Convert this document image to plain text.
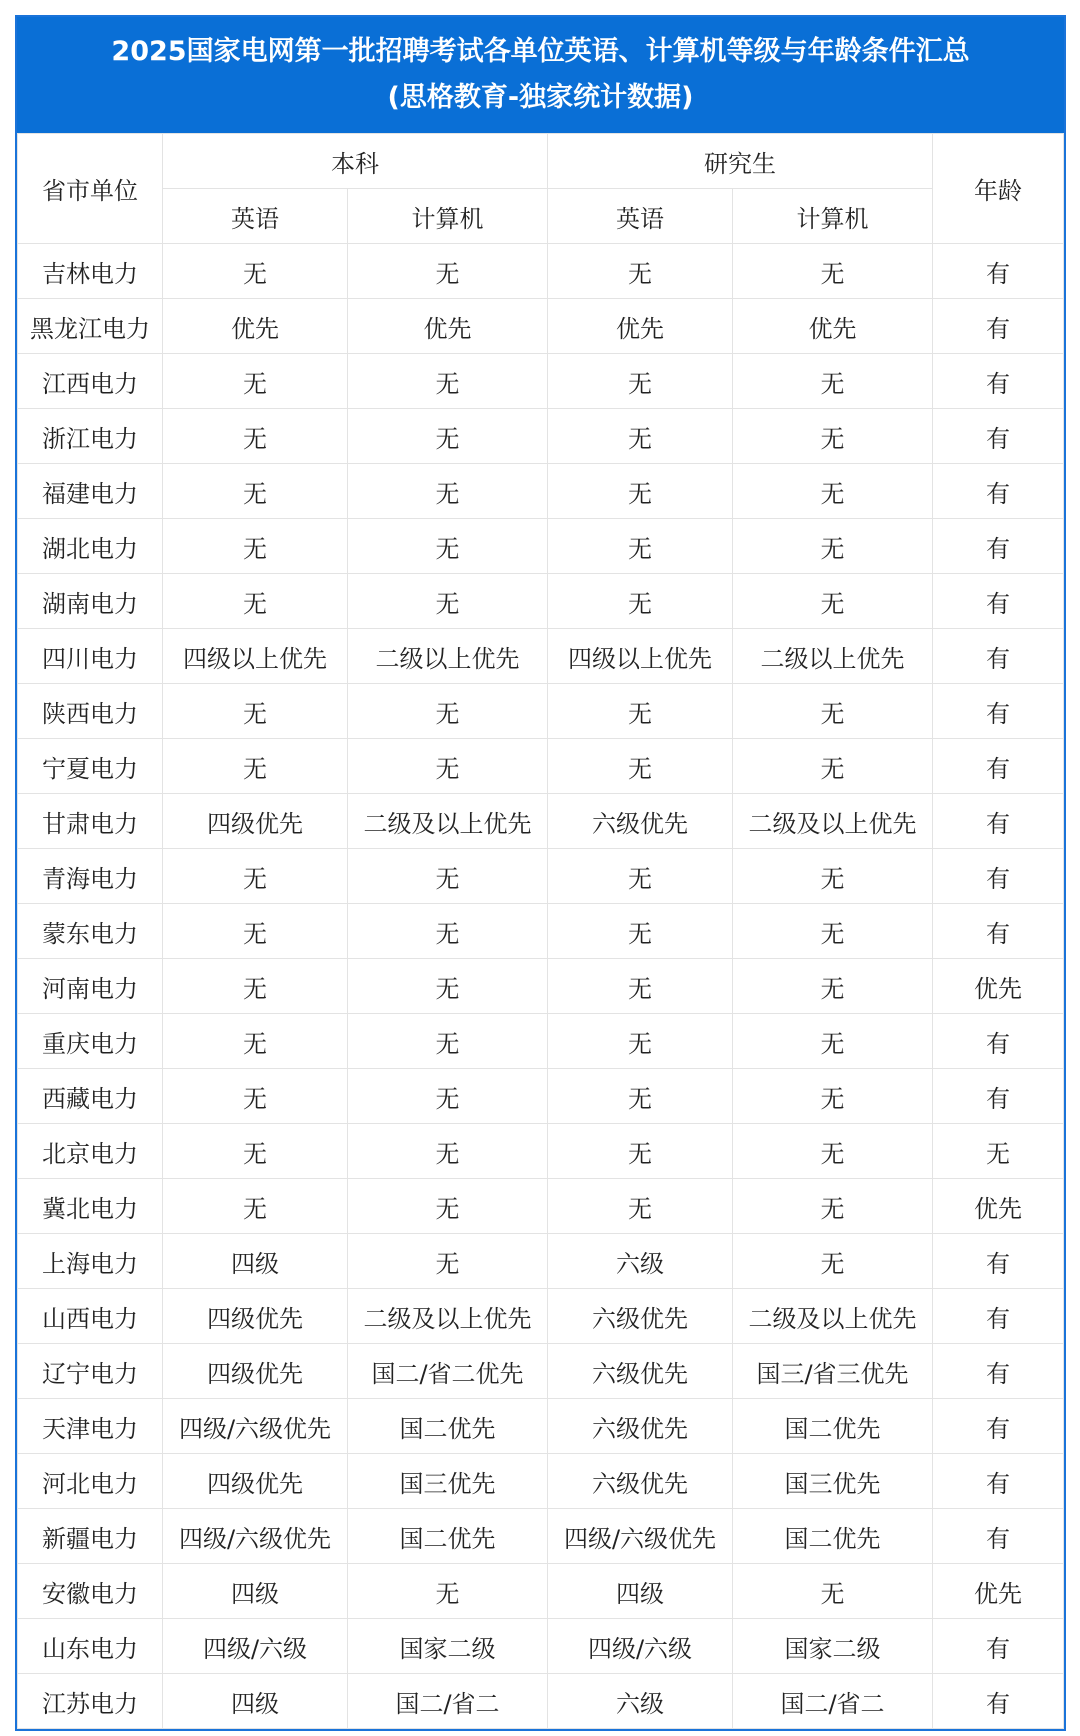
2025国家电网第一批招聘考试各单位英语、计算机等级与年龄条件汇总
(思格教育-独家统计数据)
省市单位	本科		研究生		年龄
	英语	计算机	英语	计算机	
吉林电力	无	无	无	无	有
黑龙江电力	优先	优先	优先	优先	有
江西电力	无	无	无	无	有
浙江电力	无	无	无	无	有
福建电力	无	无	无	无	有
湖北电力	无	无	无	无	有
湖南电力	无	无	无	无	有
四川电力	四级以上优先	二级以上优先	四级以上优先	二级以上优先	有
陕西电力	无	无	无	无	有
宁夏电力	无	无	无	无	有
甘肃电力	四级优先	二级及以上优先	六级优先	二级及以上优先	有
青海电力	无	无	无	无	有
蒙东电力	无	无	无	无	有
河南电力	无	无	无	无	优先
重庆电力	无	无	无	无	有
西藏电力	无	无	无	无	有
北京电力	无	无	无	无	无
冀北电力	无	无	无	无	优先
上海电力	四级	无	六级	无	有
山西电力	四级优先	二级及以上优先	六级优先	二级及以上优先	有
辽宁电力	四级优先	国二/省二优先	六级优先	国三/省三优先	有
天津电力	四级/六级优先	国二优先	六级优先	国二优先	有
河北电力	四级优先	国三优先	六级优先	国三优先	有
新疆电力	四级/六级优先	国二优先	四级/六级优先	国二优先	有
安徽电力	四级	无	四级	无	优先
山东电力	四级/六级	国家二级	四级/六级	国家二级	有
江苏电力	四级	国二/省二	六级	国二/省二	有
